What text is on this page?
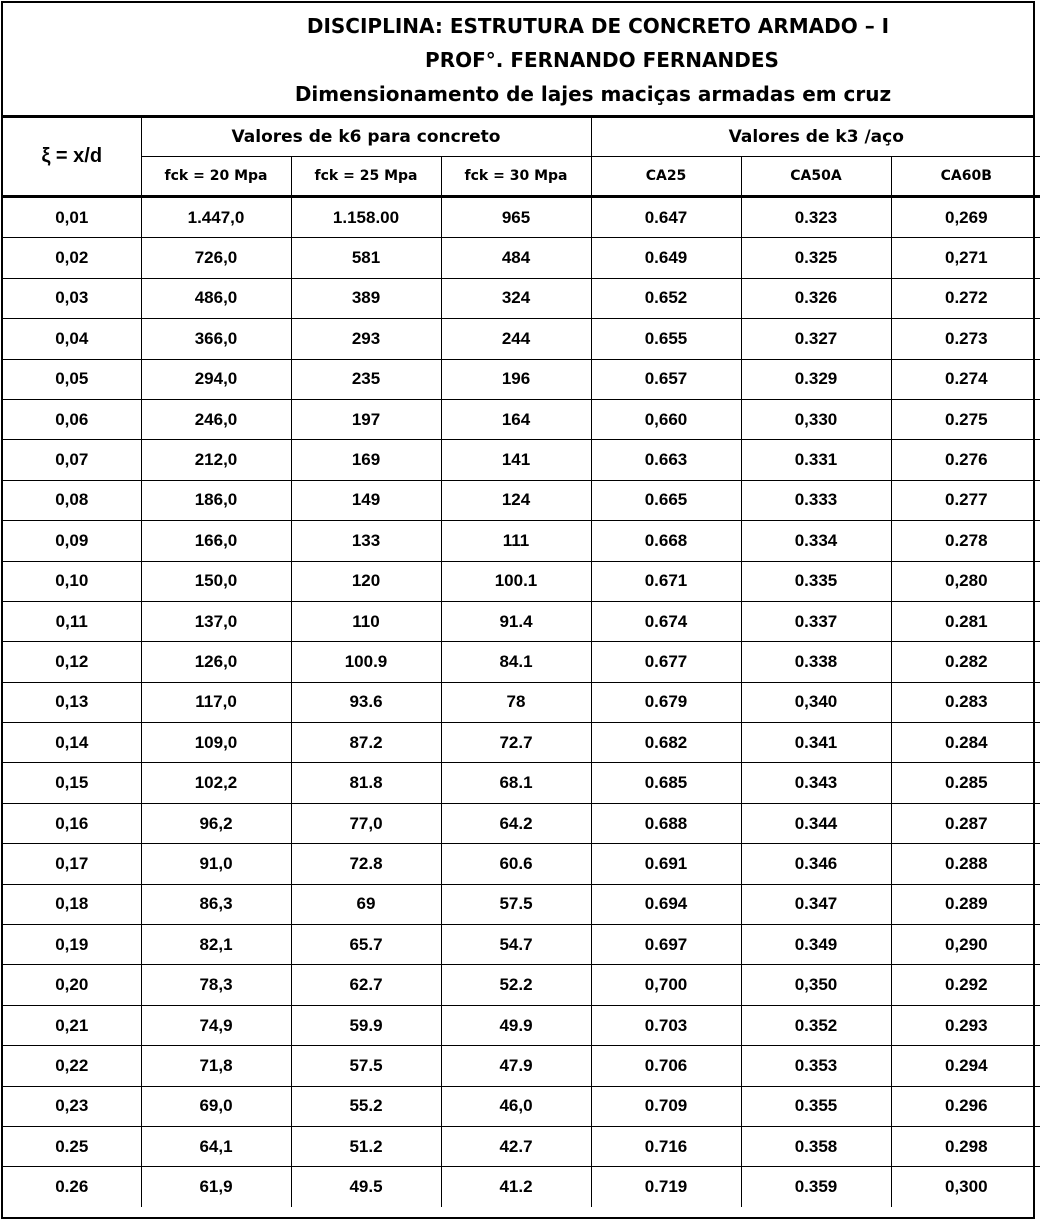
DISCIPLINA: ESTRUTURA DE CONCRETO ARMADO – I
PROF°. FERNANDO FERNANDES
Dimensionamento de lajes maciças armadas em cruz
ξ = x/d	Valores de k6 para concreto			Valores de k3 /aço		
	fck = 20 Mpa	fck = 25 Mpa	fck = 30 Mpa	CA25	CA50A	CA60B
0,01	1.447,0	1.158.00	965	0.647	0.323	0,269
0,02	726,0	581	484	0.649	0.325	0,271
0,03	486,0	389	324	0.652	0.326	0.272
0,04	366,0	293	244	0.655	0.327	0.273
0,05	294,0	235	196	0.657	0.329	0.274
0,06	246,0	197	164	0,660	0,330	0.275
0,07	212,0	169	141	0.663	0.331	0.276
0,08	186,0	149	124	0.665	0.333	0.277
0,09	166,0	133	111	0.668	0.334	0.278
0,10	150,0	120	100.1	0.671	0.335	0,280
0,11	137,0	110	91.4	0.674	0.337	0.281
0,12	126,0	100.9	84.1	0.677	0.338	0.282
0,13	117,0	93.6	78	0.679	0,340	0.283
0,14	109,0	87.2	72.7	0.682	0.341	0.284
0,15	102,2	81.8	68.1	0.685	0.343	0.285
0,16	96,2	77,0	64.2	0.688	0.344	0.287
0,17	91,0	72.8	60.6	0.691	0.346	0.288
0,18	86,3	69	57.5	0.694	0.347	0.289
0,19	82,1	65.7	54.7	0.697	0.349	0,290
0,20	78,3	62.7	52.2	0,700	0,350	0.292
0,21	74,9	59.9	49.9	0.703	0.352	0.293
0,22	71,8	57.5	47.9	0.706	0.353	0.294
0,23	69,0	55.2	46,0	0.709	0.355	0.296
0.25	64,1	51.2	42.7	0.716	0.358	0.298
0.26	61,9	49.5	41.2	0.719	0.359	0,300
